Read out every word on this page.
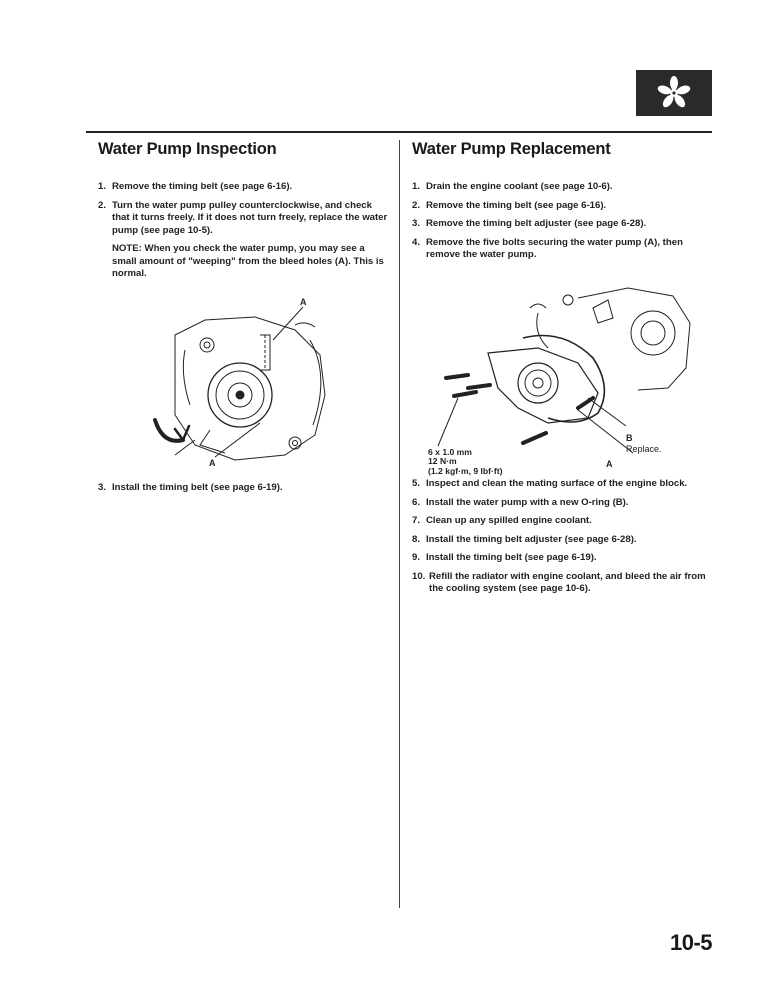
Water Pump Inspection
1. Remove the timing belt (see page 6-16).
2. Turn the water pump pulley counterclockwise, and check that it turns freely. If it does not turn freely, replace the water pump (see page 10-5).
NOTE: When you check the water pump, you may see a small amount of "weeping" from the bleed holes (A). This is normal.
A
A
3. Install the timing belt (see page 6-19).
Water Pump Replacement
1. Drain the engine coolant (see page 10-6).
2. Remove the timing belt (see page 6-16).
3. Remove the timing belt adjuster (see page 6-28).
4. Remove the five bolts securing the water pump (A), then remove the water pump.
B
Replace.
A
6 x 1.0 mm
12 N·m
(1.2 kgf·m, 9 lbf·ft)
5. Inspect and clean the mating surface of the engine block.
6. Install the water pump with a new O-ring (B).
7. Clean up any spilled engine coolant.
8. Install the timing belt adjuster (see page 6-28).
9. Install the timing belt (see page 6-19).
10. Refill the radiator with engine coolant, and bleed the air from the cooling system (see page 10-6).
10-5
